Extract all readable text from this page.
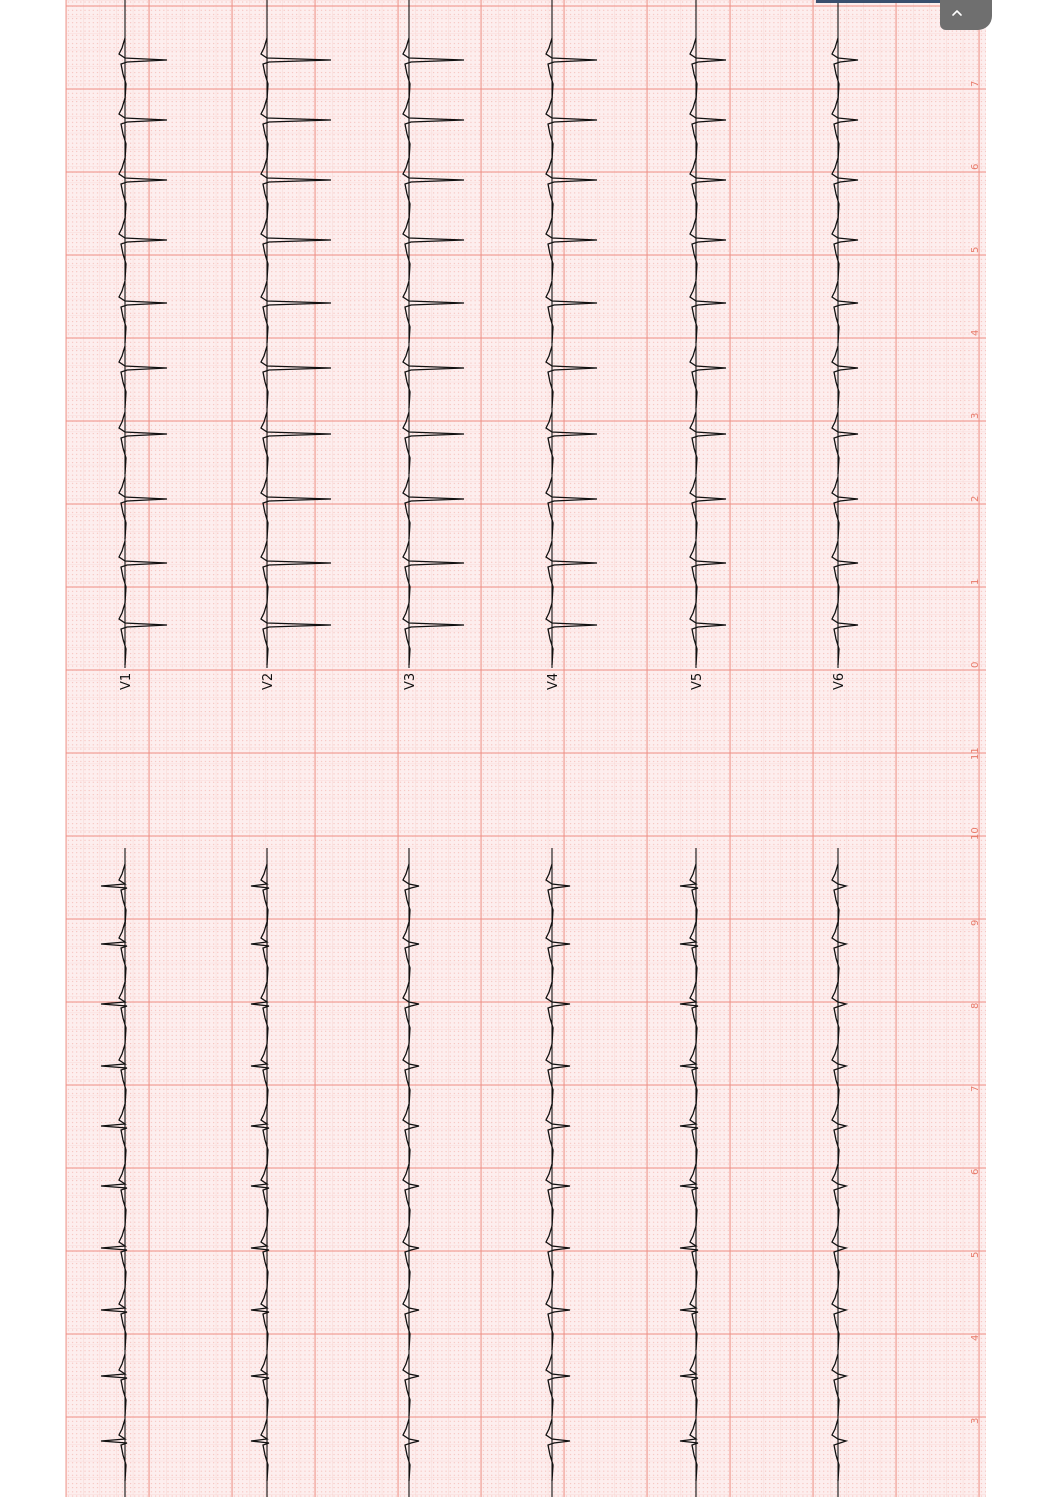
V1	V2	V3	V4	V5	V6
0
1
2
3
4
5
6
7
3
4
5
6
7
8
9
10
11
